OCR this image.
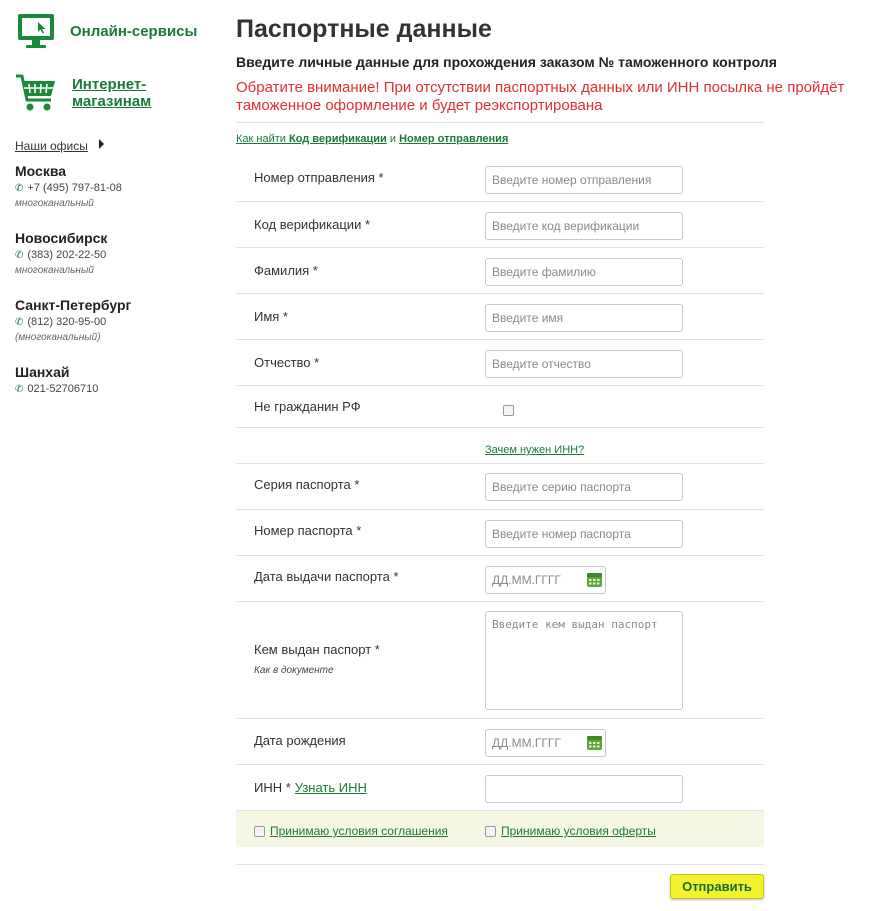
Онлайн-сервисы
Интернет-
магазинам
Наши офисы
Москва
✆ +7 (495) 797-81-08
многоканальный
Новосибирск
✆ (383) 202-22-50
многоканальный
Санкт-Петербург
✆ (812) 320-95-00
(многоканальный)
Шанхай
✆ 021-52706710
Паспортные данные
Введите личные данные для прохождения заказом № таможенного контроля
Обратите внимание! При отсутствии паспортных данных или ИНН посылка не пройдёт таможенное оформление и будет реэкспортирована
Как найти Код верификации и Номер отправления
Номер отправления *
Введите номер отправления
Код верификации *
Введите код верификации
Фамилия *
Введите фамилию
Имя *
Введите имя
Отчество *
Введите отчество
Не гражданин РФ
Зачем нужен ИНН?
Серия паспорта *
Введите серию паспорта
Номер паспорта *
Введите номер паспорта
Дата выдачи паспорта *
ДД.ММ.ГГГГ
Кем выдан паспорт *
Как в документе
Введите кем выдан паспорт
Дата рождения
ДД.ММ.ГГГГ
ИНН * Узнать ИНН
Принимаю условия соглашения	Принимаю условия оферты
Отправить
